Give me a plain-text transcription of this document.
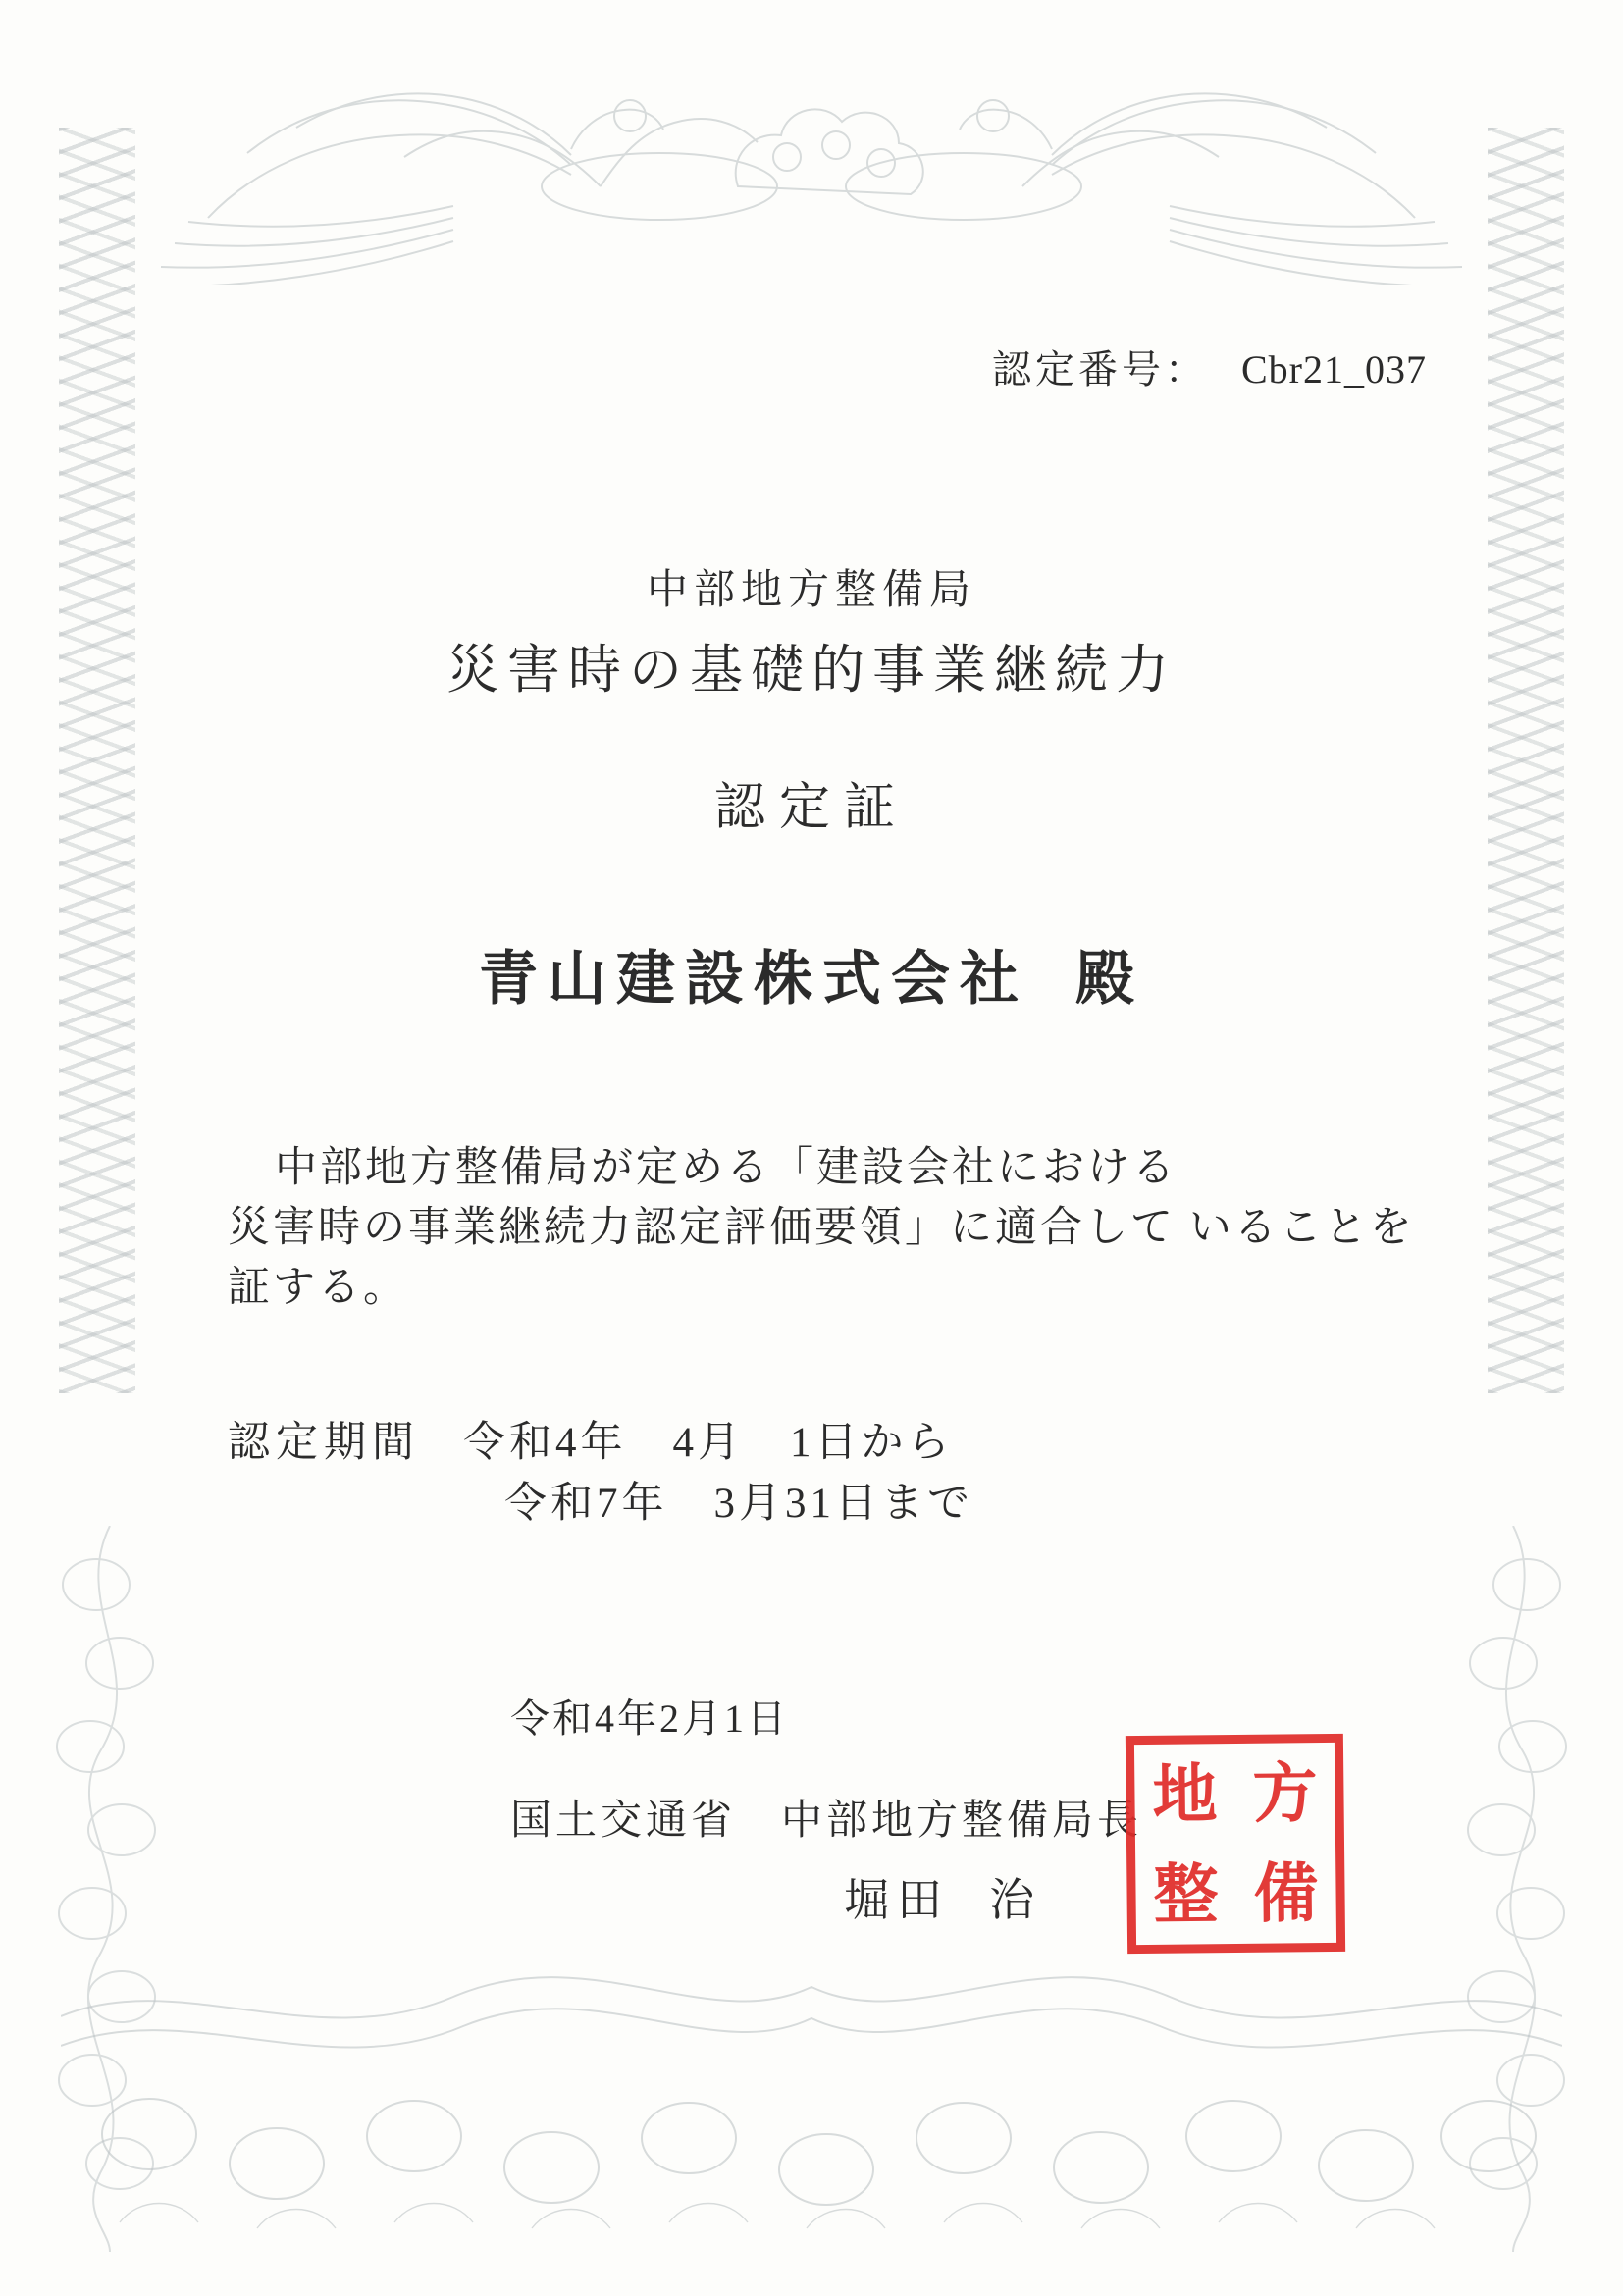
認定番号： Cbr21_037
中部地方整備局
災害時の基礎的事業継続力
認定証
青山建設株式会社 殿
中部地方整備局が定める「建設会社における
災害時の事業継続力認定評価要領」に適合して いることを証する。
認定期間 令和4年　4月　1日から
令和7年　3月31日まで
令和4年2月1日
国土交通省　中部地方整備局長
堀田 治
地 方
整 備
